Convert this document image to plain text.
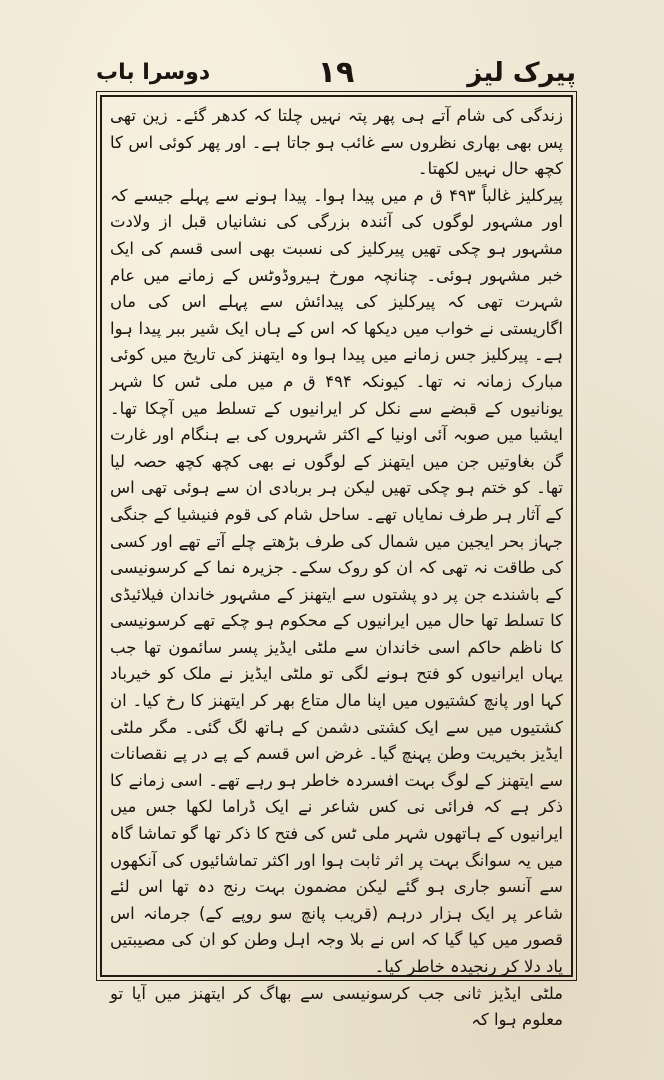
پیرک لیز
۱۹
دوسرا باب

زندگی کی شام آتے ہی پھر پتہ نہیں چلتا کہ کدھر گئے۔ زین تھی پس بھی بھاری نظروں سے غائب ہو جاتا ہے۔ اور پھر کوئی اس کا کچھ حال نہیں لکھتا۔

پیرکلیز غالباً ۴۹۳ ق م میں پیدا ہوا۔ پیدا ہونے سے پہلے جیسے کہ اور مشہور لوگوں کی آئندہ بزرگی کی نشانیاں قبل از ولادت مشہور ہو چکی تھیں پیرکلیز کی نسبت بھی اسی قسم کی ایک خبر مشہور ہوئی۔ چنانچہ مورخ ہیروڈوٹس کے زمانے میں عام شہرت تھی کہ پیرکلیز کی پیدائش سے پہلے اس کی ماں اگاریستی نے خواب میں دیکھا کہ اس کے ہاں ایک شیر ببر پیدا ہوا ہے۔ پیرکلیز جس زمانے میں پیدا ہوا وہ ایتھنز کی تاریخ میں کوئی مبارک زمانہ نہ تھا۔ کیونکہ ۴۹۴ ق م میں ملی ٹس کا شہر یونانیوں کے قبضے سے نکل کر ایرانیوں کے تسلط میں آچکا تھا۔ ایشیا میں صوبہ آئی اونیا کے اکثر شہروں کی بے ہنگام اور غارت گن بغاوتیں جن میں ایتھنز کے لوگوں نے بھی کچھ کچھ حصہ لیا تھا۔ کو ختم ہو چکی تھیں لیکن ہر بربادی ان سے ہوئی تھی اس کے آثار ہر طرف نمایاں تھے۔ ساحل شام کی قوم فنیشیا کے جنگی جہاز بحر ایجین میں شمال کی طرف بڑھتے چلے آتے تھے اور کسی کی طاقت نہ تھی کہ ان کو روک سکے۔ جزیرہ نما کے کرسونیسی کے باشندے جن پر دو پشتوں سے ایتھنز کے مشہور خاندان فیلائیڈی کا تسلط تھا حال میں ایرانیوں کے محکوم ہو چکے تھے کرسونیسی کا ناظم حاکم اسی خاندان سے ملٹی ایڈیز پسر سائمون تھا جب یہاں ایرانیوں کو فتح ہونے لگی تو ملٹی ایڈیز نے ملک کو خیرباد کہا اور پانچ کشتیوں میں اپنا مال متاع بھر کر ایتھنز کا رخ کیا۔ ان کشتیوں میں سے ایک کشتی دشمن کے ہاتھ لگ گئی۔ مگر ملٹی ایڈیز بخیریت وطن پہنچ گیا۔ غرض اس قسم کے پے در پے نقصانات سے ایتھنز کے لوگ بہت افسردہ خاطر ہو رہے تھے۔ اسی زمانے کا ذکر ہے کہ فرائی نی کس شاعر نے ایک ڈراما لکھا جس میں ایرانیوں کے ہاتھوں شہر ملی ٹس کی فتح کا ذکر تھا گو تماشا گاہ میں یہ سوانگ بہت پر اثر ثابت ہوا اور اکثر تماشائیوں کی آنکھوں سے آنسو جاری ہو گئے لیکن مضمون بہت رنج دہ تھا اس لئے شاعر پر ایک ہزار درہم (قریب پانچ سو روپے کے) جرمانہ اس قصور میں کیا گیا کہ اس نے بلا وجہ اہل وطن کو ان کی مصیبتیں یاد دلا کر رنجیدہ خاطر کیا۔

ملٹی ایڈیز ثانی جب کرسونیسی سے بھاگ کر ایتھنز میں آیا تو معلوم ہوا کہ
